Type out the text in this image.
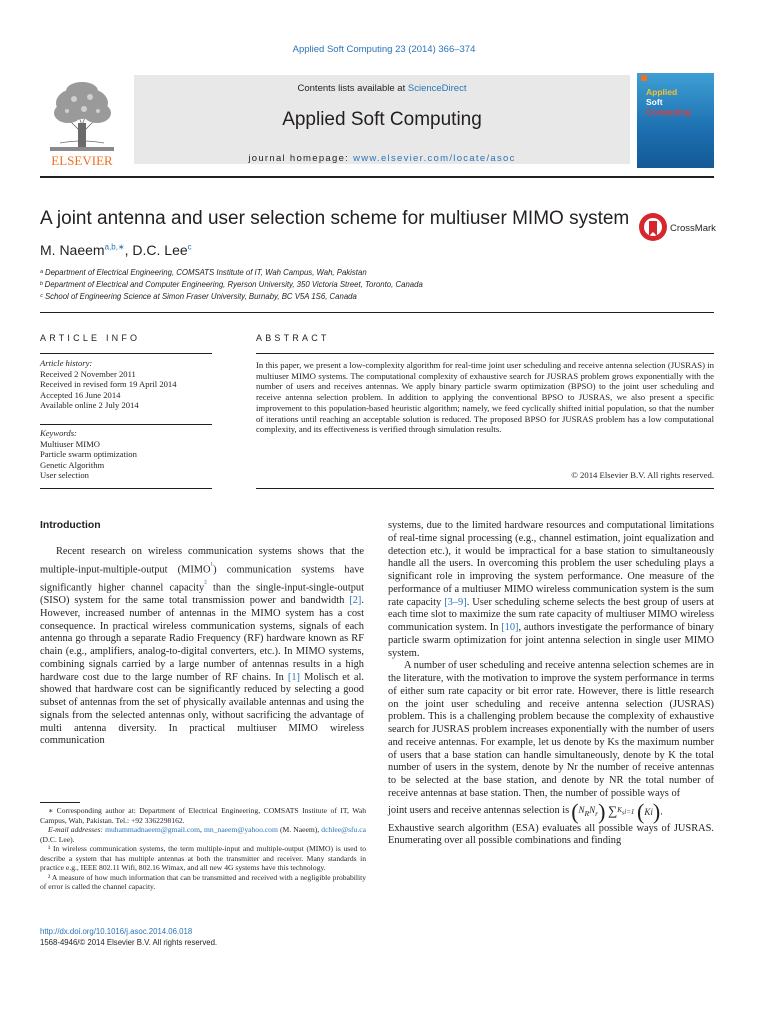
Applied Soft Computing 23 (2014) 366–374
ELSEVIER
Contents lists available at ScienceDirect
Applied Soft Computing
journal homepage: www.elsevier.com/locate/asoc
Applied
Soft
Computing
A joint antenna and user selection scheme for multiuser MIMO system	CrossMark
M. Naeem$^{a,b,∗}$, D.C. Lee$^c$
ᵃ Department of Electrical Engineering, COMSATS Institute of IT, Wah Campus, Wah, Pakistan
ᵇ Department of Electrical and Computer Engineering, Ryerson University, 350 Victoria Street, Toronto, Canada
ᶜ School of Engineering Science at Simon Fraser University, Burnaby, BC V5A 1S6, Canada
ARTICLE INFO
Article history:
Received 2 November 2011
Received in revised form 19 April 2014
Accepted 16 June 2014
Available online 2 July 2014
Keywords:
Multiuser MIMO
Particle swarm optimization
Genetic Algorithm
User selection
ABSTRACT
In this paper, we present a low-complexity algorithm for real-time joint user scheduling and receive antenna selection (JUSRAS) in multiuser MIMO systems. The computational complexity of exhaustive search for JUSRAS problem grows exponentially with the number of users and receives antennas. We apply binary particle swarm optimization (BPSO) to the joint user scheduling and receive antenna selection problem. In addition to applying the conventional BPSO to JUSRAS, we also present a specific improvement to this population-based heuristic algorithm; namely, we feed cyclically shifted initial population, so that the number of iterations until reaching an acceptable solution is reduced. The proposed BPSO for JUSRAS problem has a low computational complexity, and its effectiveness is verified through simulation results.
© 2014 Elsevier B.V. All rights reserved.
Introduction

Recent research on wireless communication systems shows that the multiple-input-multiple-output $(MIMO^{^1})$ communication systems have significantly higher channel capacity$^{^2}$ than the single-input-single-output (SISO) system for the same total transmission power and bandwidth [2]. However, increased number of antennas in the MIMO system has a cost consequence. In practical wireless communication systems, signals of each antenna go through a separate Radio Frequency (RF) hardware known as RF chain (e.g., amplifiers, analog-to-digital converters, etc.). In MIMO systems, combining signals carried by a large number of antennas results in a high hardware cost due to the large number of RF chains. In [1] Molisch et al. showed that hardware cost can be significantly reduced by selecting a good subset of antennas from the set of physically available antennas and using the signals from the selected antennas only, without sacrificing the advantage of multi antenna diversity. In practical multiuser MIMO wireless communication

systems, due to the limited hardware resources and computational limitations of real-time signal processing (e.g., channel estimation, joint equalization and detection etc.), it would be impractical for a base station to simultaneously handle all the users. In overcoming this problem the user scheduling plays a significant role in improving the system performance. One measure of the performance of a multiuser MIMO wireless communication system is the sum rate capacity [3–9]. User scheduling scheme selects the best group of users at each time slot to maximize the sum rate capacity of multiuser MIMO wireless communication system. In [10], authors investigate the performance of binary particle swarm optimization for joint antenna selection in single user MIMO system.

A number of user scheduling and receive antenna selection schemes are in the literature, with the motivation to improve the system performance in terms of either sum rate capacity or bit error rate. However, there is little research on the joint user scheduling and receive antenna selection (JUSRAS) problem. This is a challenging problem because the complexity of exhaustive search for JUSRAS problem increases exponentially with the number of users and receive antennas. For example, let us denote by Ks the maximum number of users that a base station can handle simultaneously, denote by K the total number of users in the system, denote by Nr the number of receive antennas to be selected at the base station, and denote by NR the total number of receive antennas at base station. Then, the number of possible ways of

joint users and receive antennas selection is $(N_RN_r)$ $\sum K_si=1$ (Ki).

Exhaustive search algorithm (ESA) evaluates all possible ways of JUSRAS. Enumerating over all possible combinations and finding

∗ Corresponding author at: Department of Electrical Engineering, COMSATS Institute of IT, Wah Campus, Wah, Pakistan. Tel.: +92 3362298162.

E-mail addresses: muhammadnaeem@gmail.com, mn_naeem@yahoo.com (M. Naeem), dchlee@sfu.ca (D.C. Lee).

¹ In wireless communication systems, the term multiple-input and multiple-output (MIMO) is used to describe a system that has multiple antennas at both the transmitter and receiver. Many standards in practice e.g., IEEE 802.11 Wifi, 802.16 Wimax, and all new 4G systems have this technology.

² A measure of how much information that can be transmitted and received with a negligible probability of error is called the channel capacity.

http://dx.doi.org/10.1016/j.asoc.2014.06.018
1568-4946/© 2014 Elsevier B.V. All rights reserved.
